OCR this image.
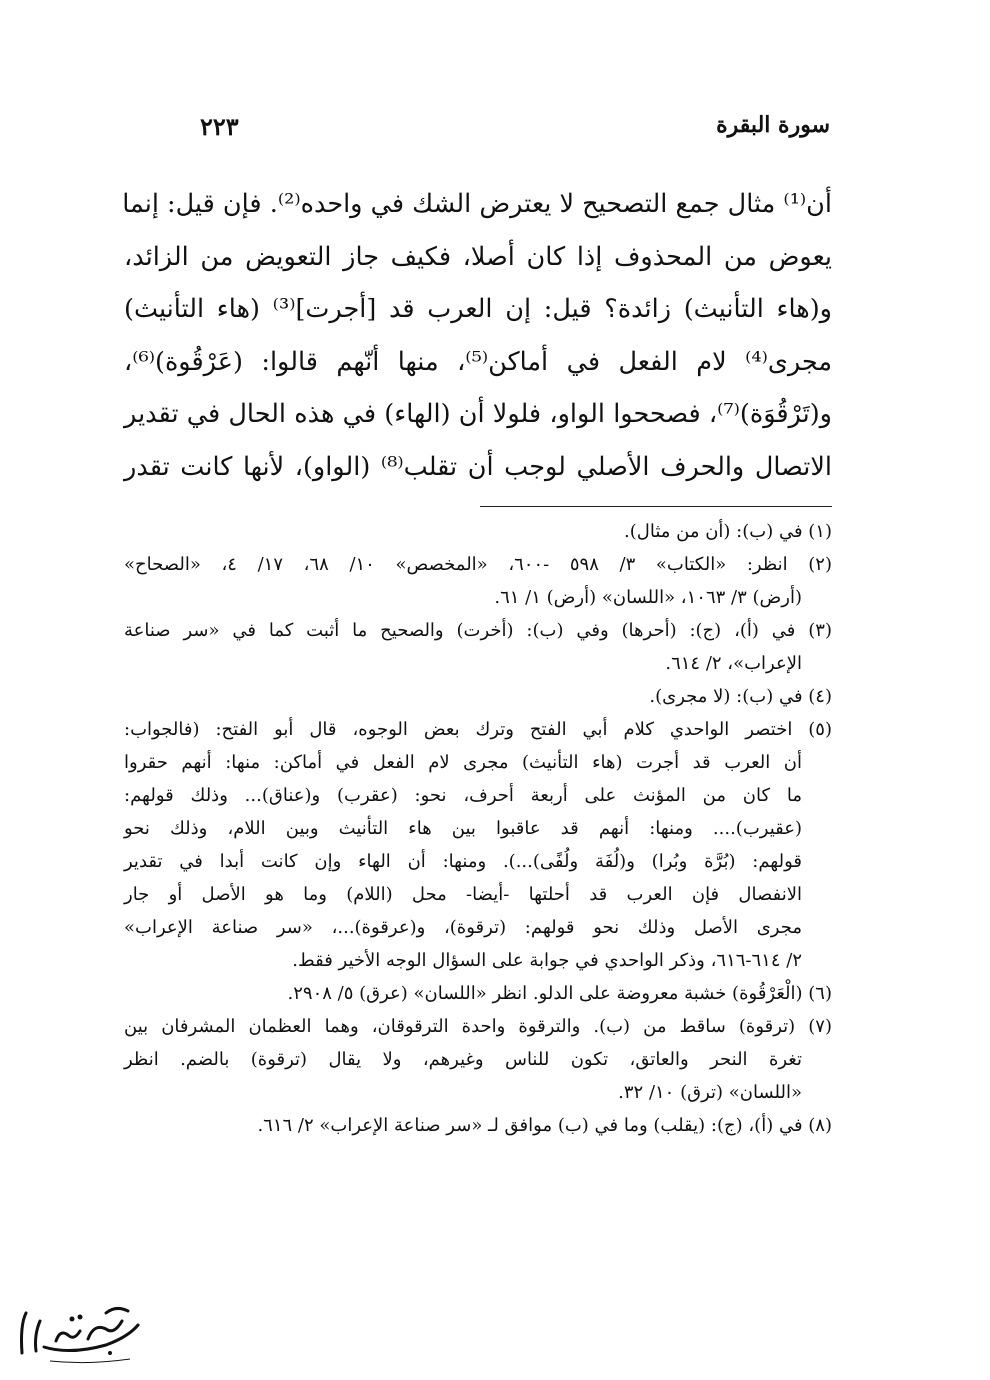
سورة البقرة
٢٢٣

أن⁽¹⁾ مثال جمع التصحيح لا يعترض الشك في واحده⁽²⁾. فإن قيل: إنما

يعوض من المحذوف إذا كان أصلا، فكيف جاز التعويض من الزائد،

و(هاء التأنيث) زائدة؟ قيل: إن العرب قد [أجرت]⁽³⁾ (هاء التأنيث)

مجرى⁽⁴⁾ لام الفعل في أماكن⁽⁵⁾، منها أنّهم قالوا: (عَرْقُوة)⁽⁶⁾،

و(تَرْقُوَة)⁽⁷⁾، فصححوا الواو، فلولا أن (الهاء) في هذه الحال في تقدير

الاتصال والحرف الأصلي لوجب أن تقلب⁽⁸⁾ (الواو)، لأنها كانت تقدر

(١) في (ب): (أن من مثال).
(٢) انظر: «الكتاب» ٣/ ٥٩٨ -٦٠٠، «المخصص» ١٠/ ٦٨، ١٧/ ٤، «الصحاح»
(أرض) ٣/ ١٠٦٣، «اللسان» (أرض) ١/ ٦١.
(٣) في (أ)، (ج): (أحرها) وفي (ب): (أخرت) والصحيح ما أثبت كما في «سر صناعة
الإعراب»، ٢/ ٦١٤.
(٤) في (ب): (لا مجرى).
(٥) اختصر الواحدي كلام أبي الفتح وترك بعض الوجوه، قال أبو الفتح: (فالجواب:
أن العرب قد أجرت (هاء التأنيث) مجرى لام الفعل في أماكن: منها: أنهم حقروا
ما كان من المؤنث على أربعة أحرف، نحو: (عقرب) و(عناق)... وذلك قولهم:
(عقيرب).... ومنها: أنهم قد عاقبوا بين هاء التأنيث وبين اللام، وذلك نحو
قولهم: (بُرَّة وبُرا) و(لُفَة ولُفًى)...). ومنها: أن الهاء وإن كانت أبدا في تقدير
الانفصال فإن العرب قد أحلتها -أيضا- محل (اللام) وما هو الأصل أو جار
مجرى الأصل وذلك نحو قولهم: (ترقوة)، و(عرقوة)...، «سر صناعة الإعراب»
٢/ ٦١٤-٦١٦، وذكر الواحدي في جوابة على السؤال الوجه الأخير فقط.
(٦) (الْعَرْقُوة) خشبة معروضة على الدلو. انظر «اللسان» (عرق) ٥/ ٢٩٠٨.
(٧) (ترقوة) ساقط من (ب). والترقوة واحدة الترقوقان، وهما العظمان المشرفان بين
تغرة النحر والعاتق، تكون للناس وغيرهم، ولا يقال (ترقوة) بالضم. انظر
«اللسان» (ترق) ١٠/ ٣٢.
(٨) في (أ)، (ج): (يقلب) وما في (ب) موافق لـ «سر صناعة الإعراب» ٢/ ٦١٦.
